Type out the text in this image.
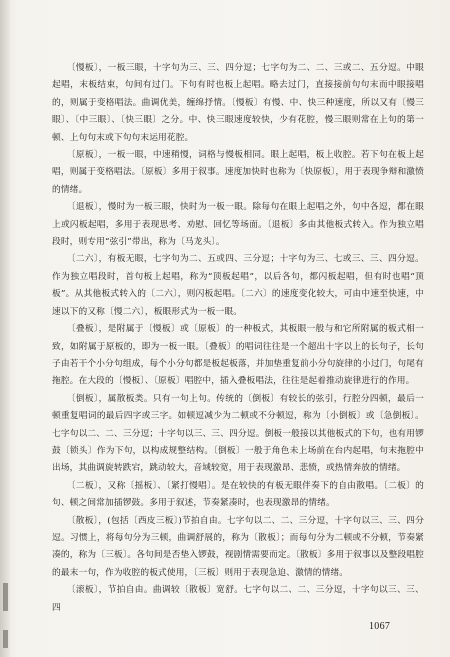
〔慢板〕，一板三眼，十字句为三、三、四分逗；七字句为二、二、三或二、五分逗。中眼起唱，末板结束，句间有过门。下句有时也板上起唱。略去过门，直接接前句句末而中眼接唱的，则属于变格唱法。曲调优美，缠绵抒情。〔慢板〕有慢、中、快三种速度，所以又有〔慢三眼〕、〔中三眼〕、〔快三眼〕之分。中、快三眼速度较快，少有花腔，慢三眼则常在上句的第一顿、上句句末或下句句末运用花腔。

〔原板〕，一板一眼，中速稍慢，词格与慢板相同。眼上起唱，板上收腔。若下句在板上起唱，则属于变格唱法。〔原板〕多用于叙事。速度加快时也称为〔快原板〕，用于表现争辩和激愤的情绪。

〔退板〕，慢时为一板三眼，快时为一板一眼。除每句在眼上起唱之外，句中各逗，都在眼上或闪板起唱，多用于表现思考、劝慰、回忆等场面。〔退板〕多由其他板式转入。作为独立唱段时，则专用“弦引”带出，称为〔马龙头〕。

〔二六〕，有板无眼，七字句为二、五或四、三分逗；十字句为三、七或三、三、四分逗。作为独立唱段时，首句板上起唱，称为“顶板起唱”，以后各句，都闪板起唱，但有时也唱“顶板”。从其他板式转入的〔二六〕，则闪板起唱。〔二六〕的速度变化较大，可由中速至快速，中速以下的又称〔慢二六〕，板眼形式为一板一眼。

〔叠板〕，是附属于〔慢板〕或〔原板〕的一种板式，其板眼一般与和它所附属的板式相一致，如附属于原板的，即为一板一眼。〔叠板〕的唱词往往是一个超出十字以上的长句子，长句子由若干个小分句组成，每个小分句都是板起板落，并加垫重复前小分句旋律的小过门，句尾有拖腔。在大段的〔慢板〕、〔原板〕唱腔中，插入叠板唱法，往往是起着推动旋律进行的作用。

〔倒板〕，属散板类。只有一句上句。传统的〔倒板〕有较长的弦引，行腔分四顿，最后一顿重复唱词的最后四字或三字。如顿逗减少为二顿或不分顿逗，称为〔小倒板〕或〔急倒板〕。七字句以二、二、三分逗；十字句以三、三、四分逗。倒板一般接以其他板式的下句，也有用锣鼓〔锁头〕作为下句，以构成规整结构。〔倒板〕一般于角色未上场前在台内起唱，句末拖腔中出场，其曲调旋转跌宕，跳动较大，音域较宽，用于表现激昂、悲愤，或热情奔放的情绪。

〔二板〕，又称〔摇板〕、〔紧打慢唱〕。是在较快的有板无眼伴奏下的自由散唱。〔二板〕的句、顿之间常加插锣鼓。多用于叙述，节奏紧凑时，也表现激昂的情绪。

〔散板〕，(包括〔西皮三板〕)节拍自由。七字句以二、二、三分逗，十字句以三、三、四分逗。习惯上，将每句分为三顿，曲调舒展的，称为〔散板〕；而每句分为二顿或不分顿，节奏紧凑的，称为〔三板〕。各句间是否垫入锣鼓，视剧情需要而定。〔散板〕多用于叙事以及整段唱腔的最末一句，作为收腔的板式使用，〔三板〕则用于表现急迫、激情的情绪。

〔滚板〕，节拍自由。曲调较〔散板〕宽舒。七字句以二、二、三分逗，十字句以三、三、四

1067
